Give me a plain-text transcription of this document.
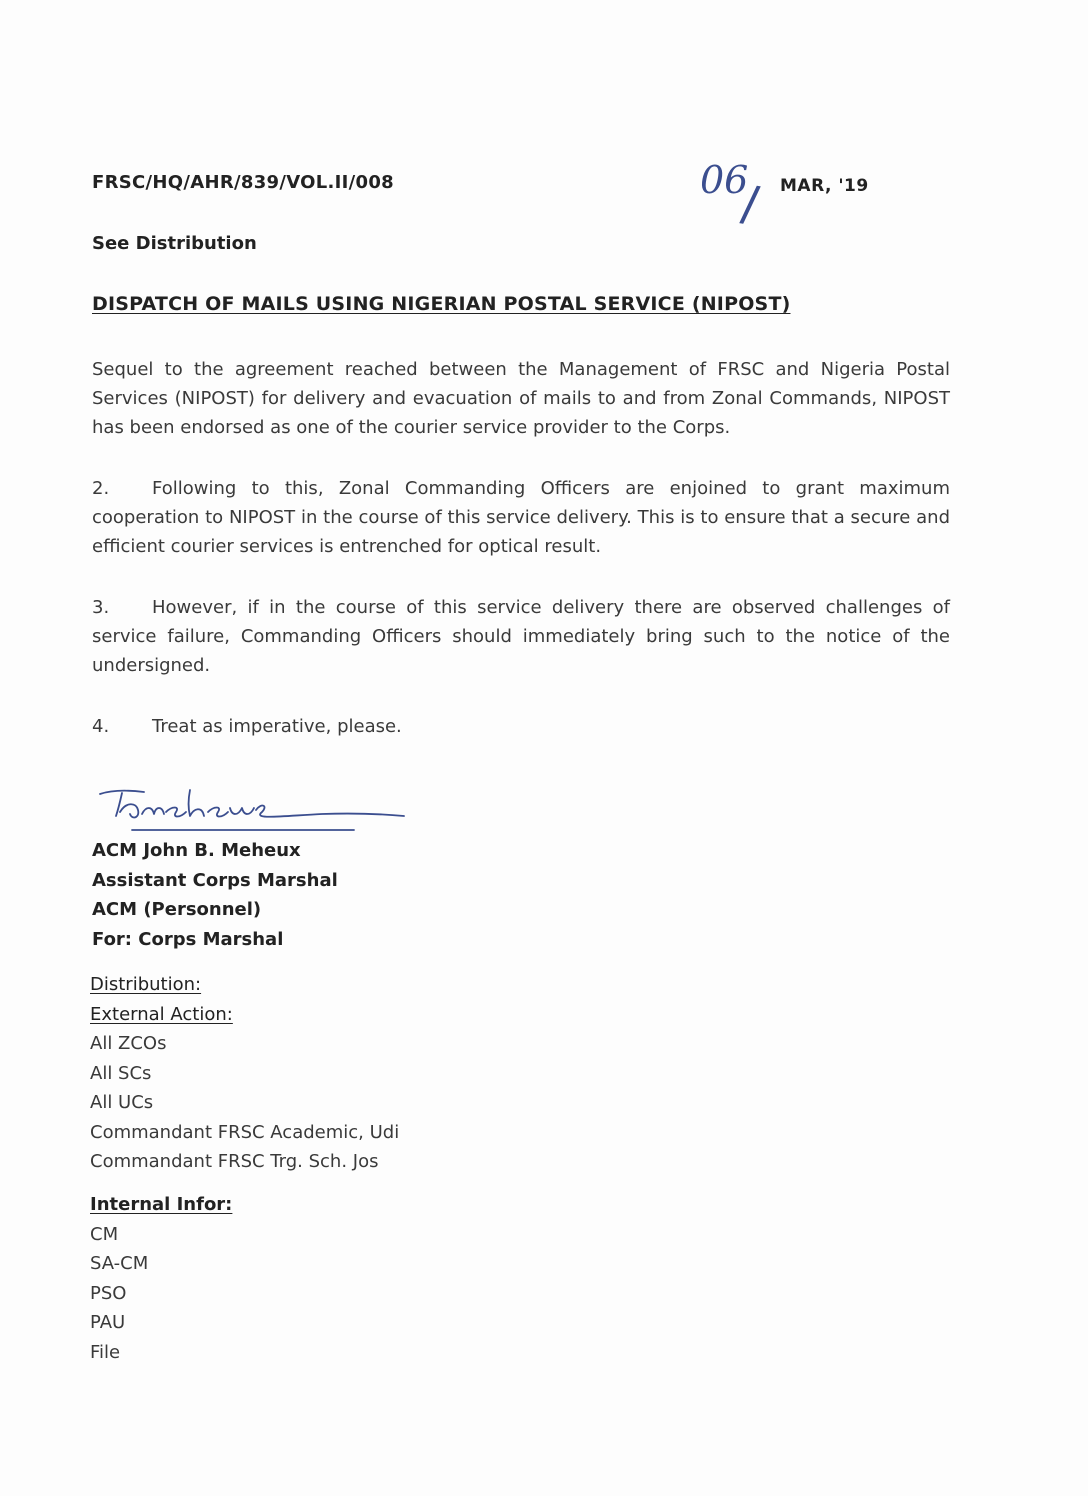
FRSC/HQ/AHR/839/VOL.II/008	06
/ MAR, '19
See Distribution
DISPATCH OF MAILS USING NIGERIAN POSTAL SERVICE (NIPOST)
Sequel to the agreement reached between the Management of FRSC and Nigeria Postal Services (NIPOST) for delivery and evacuation of mails to and from Zonal Commands, NIPOST has been endorsed as one of the courier service provider to the Corps.
2. Following to this, Zonal Commanding Officers are enjoined to grant maximum cooperation to NIPOST in the course of this service delivery. This is to ensure that a secure and efficient courier services is entrenched for optical result.
3. However, if in the course of this service delivery there are observed challenges of service failure, Commanding Officers should immediately bring such to the notice of the undersigned.
4. Treat as imperative, please.
ACM John B. Meheux
Assistant Corps Marshal
ACM (Personnel)
For: Corps Marshal
Distribution:
External Action:
All ZCOs
All SCs
All UCs
Commandant FRSC Academic, Udi
Commandant FRSC Trg. Sch. Jos
Internal Infor:
CM
SA-CM
PSO
PAU
File
